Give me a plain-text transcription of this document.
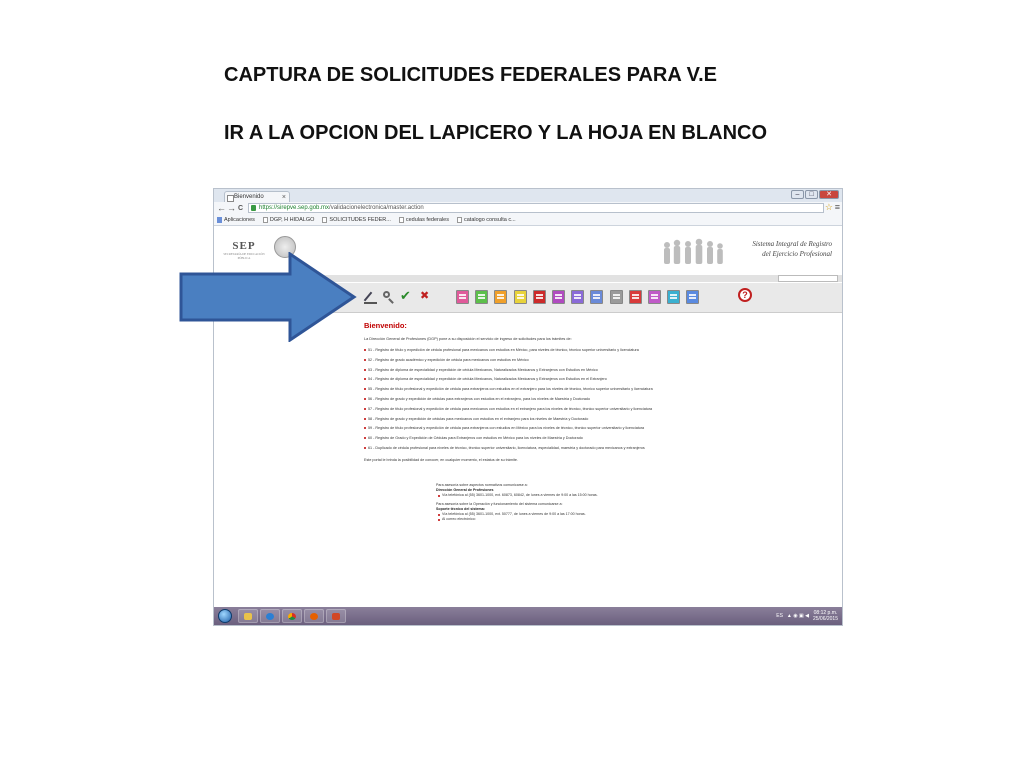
CAPTURA DE SOLICITUDES FEDERALES PARA V.E

IR A LA OPCION DEL LAPICERO Y LA HOJA EN BLANCO

Bienvenido	×	–	□	✕
← → C	https://sirepve.sep.gob.mx/validacionelectronica/master.action	☆ ≡
Aplicaciones	DGP, H HIDALGO	SOLICITUDES FEDER...	cedulas federales	catalogo consulta c...
SEP
SECRETARÍA DE EDUCACIÓN PÚBLICA
Sistema Integral de Registro
del Ejercicio Profesional
✔
✖
?
Bienvenido:
La Dirección General de Profesiones (DGP) pone a su disposición el servicio de ingreso de solicitudes para los trámites de:
51 - Registro de título y expedición de cédula profesional para mexicanos con estudios en México, para niveles de técnico, técnico superior universitario y licenciatura
52 - Registro de grado académico y expedición de cédula para mexicanos con estudios en México
53 - Registro de diploma de especialidad y expedición de cédula Mexicanos, Naturalizados Mexicanos y Extranjeros con Estudios en México
54 - Registro de diploma de especialidad y expedición de cédula Mexicanos, Naturalizados Mexicanos y Extranjeros con Estudios en el Extranjero
55 - Registro de título profesional y expedición de cédula para extranjeros con estudios en el extranjero para los niveles de técnico, técnico superior universitario y licenciatura
56 - Registro de grado y expedición de cédulas para extranjeros con estudios en el extranjero, para los niveles de Maestría y Doctorado
57 - Registro de título profesional y expedición de cédula para mexicanos con estudios en el extranjero para los niveles de técnico, técnico superior universitario y licenciatura
58 - Registro de grado y expedición de cédulas para mexicanos con estudios en el extranjero para los niveles de Maestría y Doctorado
59 - Registro de título profesional y expedición de cédula para extranjeros con estudios en México para los niveles de técnico, técnico superior universitario y licenciatura
60 - Registro de Grado y Expedición de Cédulas para Extranjeros con estudios en México para los niveles de Maestría y Doctorado
61 - Duplicado de cédula profesional para niveles de técnico, técnico superior universitario, licenciatura, especialidad, maestría y doctorado para mexicanos y extranjeros
Este portal le brinda la posibilidad de conocer, en cualquier momento, el estatus de su trámite.
Para asesoría sobre aspectos normativos comunicarse a:
Dirección General de Profesiones
Vía telefónica al (55) 3601-1000, ext. 60873, 60842, de lunes a viernes de 9:00 a las 15:00 horas.
Para asesoría sobre la Operación y funcionamiento del sistema comunicarse a:
Soporte técnico del sistema:
Vía telefónica al (55) 3601-1000, ext. 50777, de lunes a viernes de 9:00 a las 17:00 horas.
Al correo electrónico:
ES ▲ ◉ ▣ ◀ 08:12 p.m.
25/06/2015
